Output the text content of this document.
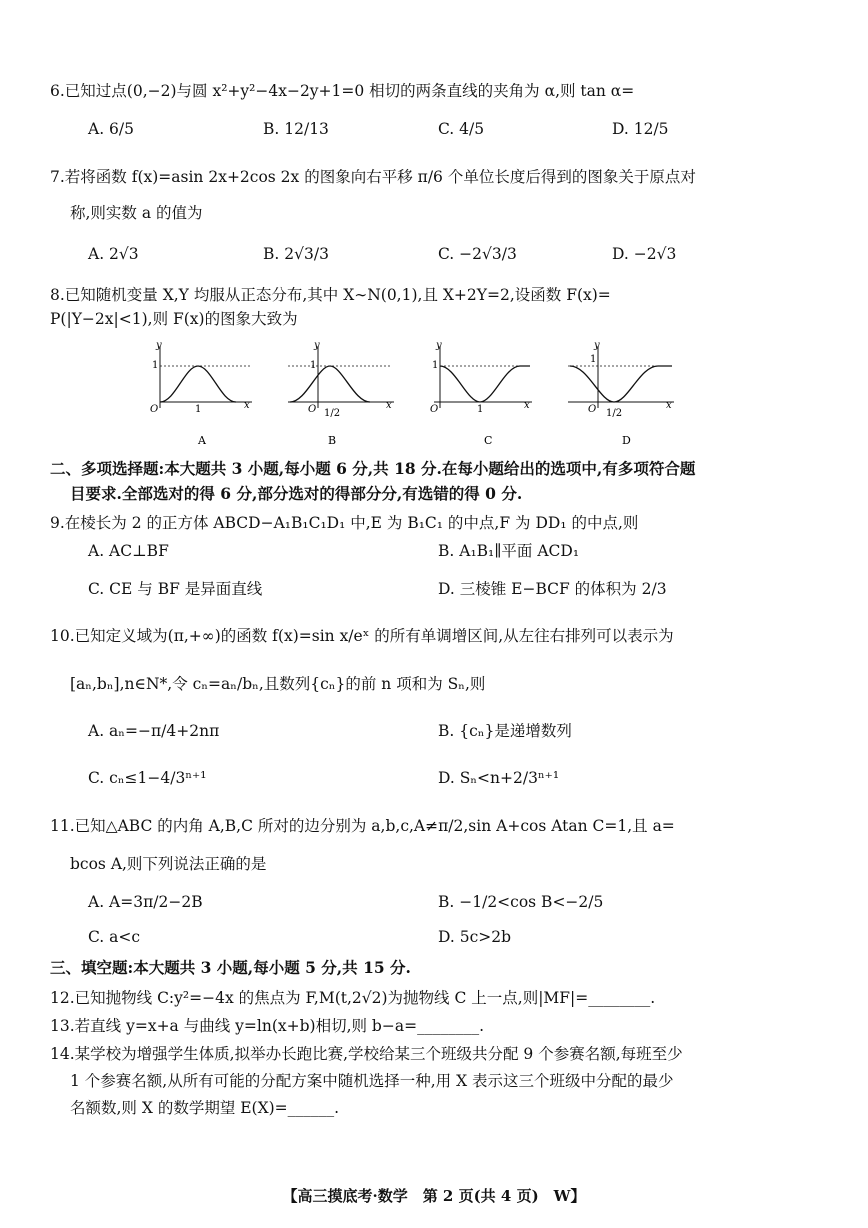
6.已知过点(0,−2)与圆 x²+y²−4x−2y+1=0 相切的两条直线的夹角为 α,则 tan α=
A. 6/5	B. 12/13	C. 4/5	D. 12/5
7.若将函数 f(x)=asin 2x+2cos 2x 的图象向右平移 π/6 个单位长度后得到的图象关于原点对
称,则实数 a 的值为
A. 2√3	B. 2√3/3	C. −2√3/3	D. −2√3
8.已知随机变量 X,Y 均服从正态分布,其中 X∼N(0,1),且 X+2Y=2,设函数 F(x)=
P(|Y−2x|<1),则 F(x)的图象大致为
y
1
O	1	x
A
y
1
O 1/2
x
B
y
1
O	1	x
C
y
1
O 1/2
x
D
二、多项选择题:本大题共 3 小题,每小题 6 分,共 18 分.在每小题给出的选项中,有多项符合题
目要求.全部选对的得 6 分,部分选对的得部分分,有选错的得 0 分.
9.在棱长为 2 的正方体 ABCD−A₁B₁C₁D₁ 中,E 为 B₁C₁ 的中点,F 为 DD₁ 的中点,则
A. AC⊥BF	B. A₁B₁∥平面 ACD₁
C. CE 与 BF 是异面直线	D. 三棱锥 E−BCF 的体积为 2/3
10.已知定义域为(π,+∞)的函数 f(x)=sin x/eˣ 的所有单调增区间,从左往右排列可以表示为
[aₙ,bₙ],n∈N*,令 cₙ=aₙ/bₙ,且数列{cₙ}的前 n 项和为 Sₙ,则
A. aₙ=−π/4+2nπ	B. {cₙ}是递增数列
C. cₙ≤1−4/3ⁿ⁺¹	D. Sₙ<n+2/3ⁿ⁺¹
11.已知△ABC 的内角 A,B,C 所对的边分别为 a,b,c,A≠π/2,sin A+cos Atan C=1,且 a=
bcos A,则下列说法正确的是
A. A=3π/2−2B	B. −1/2<cos B<−2/5
C. a<c	D. 5c>2b
三、填空题:本大题共 3 小题,每小题 5 分,共 15 分.
12.已知抛物线 C:y²=−4x 的焦点为 F,M(t,2√2)为抛物线 C 上一点,则|MF|=________.
13.若直线 y=x+a 与曲线 y=ln(x+b)相切,则 b−a=________.
14.某学校为增强学生体质,拟举办长跑比赛,学校给某三个班级共分配 9 个参赛名额,每班至少
1 个参赛名额,从所有可能的分配方案中随机选择一种,用 X 表示这三个班级中分配的最少
名额数,则 X 的数学期望 E(X)=______.
【高三摸底考·数学　第 2 页(共 4 页)　W】
